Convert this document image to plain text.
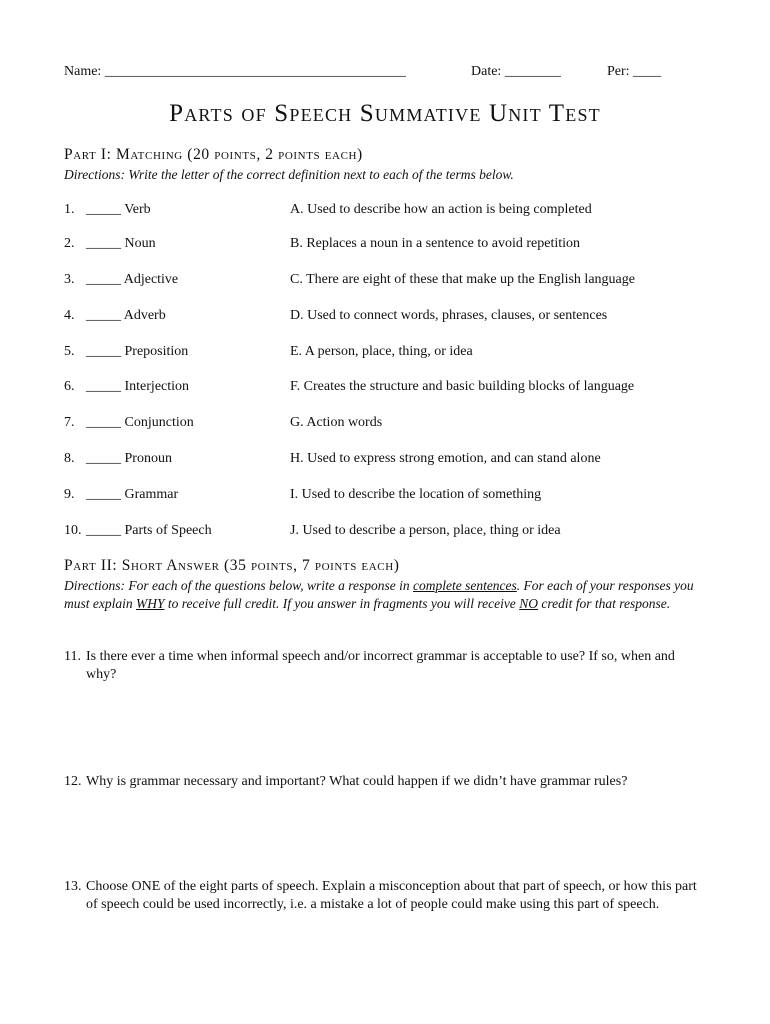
Name: ___________________________________________	Date: ________	Per: ____
Parts of Speech Summative Unit Test
Part I: Matching (20 points, 2 points each)
Directions: Write the letter of the correct definition next to each of the terms below.
1. _____ Verb	A. Used to describe how an action is being completed
2. _____ Noun	B. Replaces a noun in a sentence to avoid repetition
3. _____ Adjective	C. There are eight of these that make up the English language
4. _____ Adverb	D. Used to connect words, phrases, clauses, or sentences
5. _____ Preposition	E. A person, place, thing, or idea
6. _____ Interjection	F. Creates the structure and basic building blocks of language
7. _____ Conjunction	G. Action words
8. _____ Pronoun	H. Used to express strong emotion, and can stand alone
9. _____ Grammar	I. Used to describe the location of something
10. _____ Parts of Speech	J. Used to describe a person, place, thing or idea
Part II: Short Answer (35 points, 7 points each)
Directions: For each of the questions below, write a response in complete sentences. For each of your responses you must explain WHY to receive full credit. If you answer in fragments you will receive NO credit for that response.
11. Is there ever a time when informal speech and/or incorrect grammar is acceptable to use? If so, when and why?
12. Why is grammar necessary and important? What could happen if we didn’t have grammar rules?
13. Choose ONE of the eight parts of speech. Explain a misconception about that part of speech, or how this part of speech could be used incorrectly, i.e. a mistake a lot of people could make using this part of speech.
